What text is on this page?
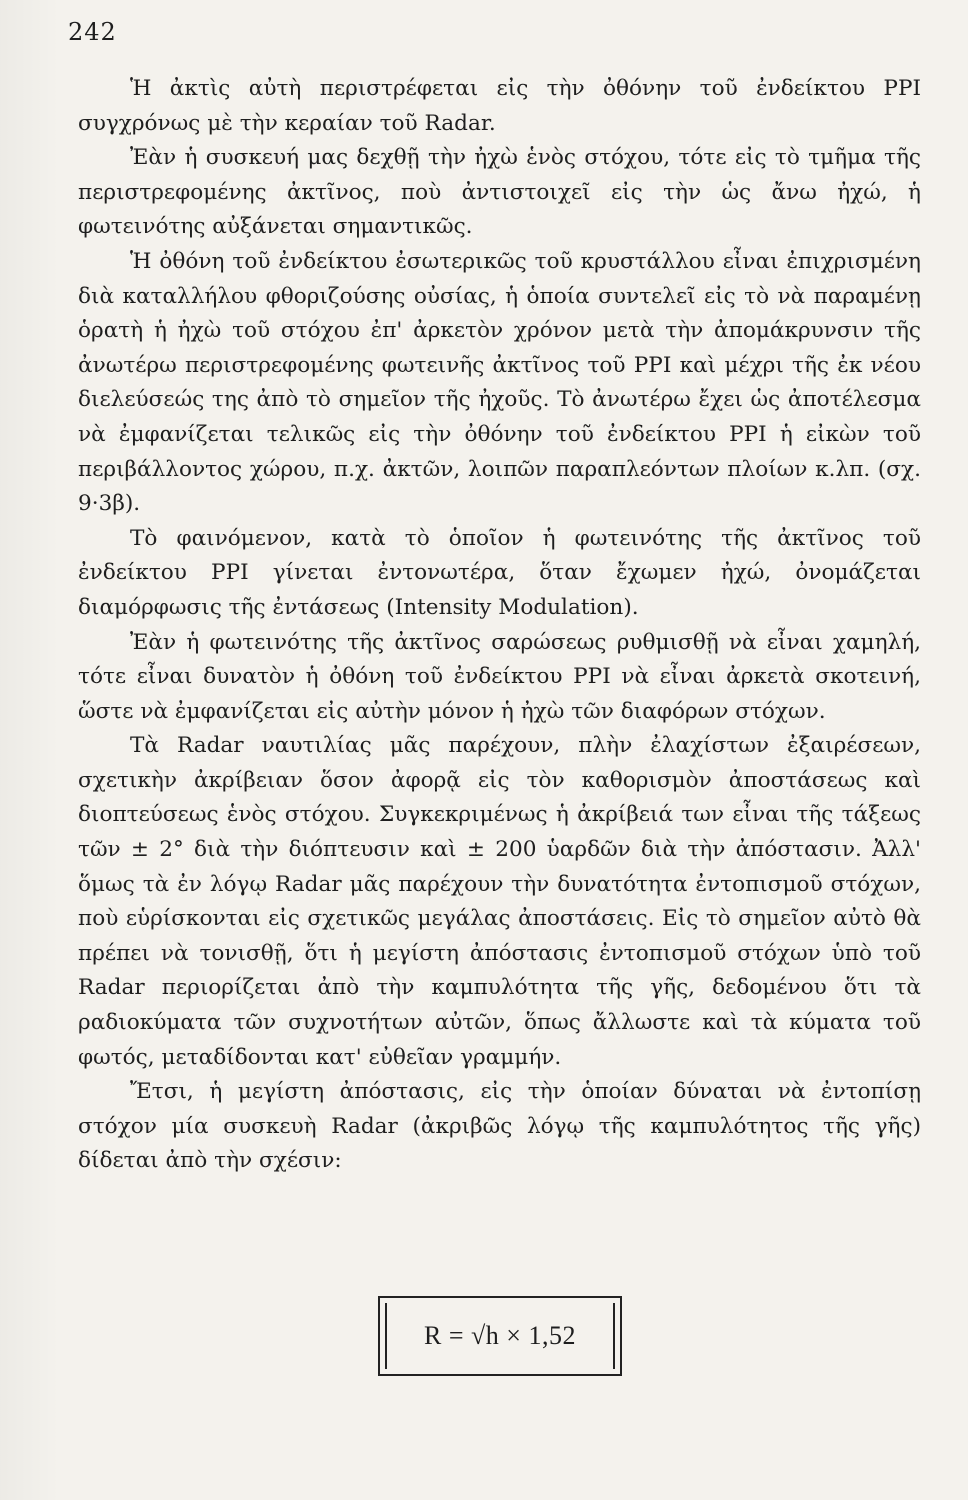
242

Ἡ ἀκτὶς αὐτὴ περιστρέφεται εἰς τὴν ὀθόνην τοῦ ἐνδείκτου PPI συγχρόνως μὲ τὴν κεραίαν τοῦ Radar.

Ἐὰν ἡ συσκευή μας δεχθῇ τὴν ἠχὼ ἑνὸς στόχου, τότε εἰς τὸ τμῆμα τῆς περιστρεφομένης ἀκτῖνος, ποὺ ἀντιστοιχεῖ εἰς τὴν ὡς ἄνω ἠχώ, ἡ φωτεινότης αὐξάνεται σημαντικῶς.

Ἡ ὀθόνη τοῦ ἐνδείκτου ἐσωτερικῶς τοῦ κρυστάλλου εἶναι ἐπιχρισμένη διὰ καταλλήλου φθοριζούσης οὐσίας, ἡ ὁποία συντελεῖ εἰς τὸ νὰ παραμένῃ ὁρατὴ ἡ ἠχὼ τοῦ στόχου ἐπ' ἀρκετὸν χρόνον μετὰ τὴν ἀπομάκρυνσιν τῆς ἀνωτέρω περιστρεφομένης φωτεινῆς ἀκτῖνος τοῦ PPI καὶ μέχρι τῆς ἐκ νέου διελεύσεώς της ἀπὸ τὸ σημεῖον τῆς ἠχοῦς. Τὸ ἀνωτέρω ἔχει ὡς ἀποτέλεσμα νὰ ἐμφανίζεται τελικῶς εἰς τὴν ὀθόνην τοῦ ἐνδείκτου PPI ἡ εἰκὼν τοῦ περιβάλλοντος χώρου, π.χ. ἀκτῶν, λοιπῶν παραπλεόντων πλοίων κ.λπ. (σχ. 9·3β).

Τὸ φαινόμενον, κατὰ τὸ ὁποῖον ἡ φωτεινότης τῆς ἀκτῖνος τοῦ ἐνδείκτου PPI γίνεται ἐντονωτέρα, ὅταν ἔχωμεν ἠχώ, ὀνομάζεται διαμόρφωσις τῆς ἐντάσεως (Intensity Modulation).

Ἐὰν ἡ φωτεινότης τῆς ἀκτῖνος σαρώσεως ρυθμισθῇ νὰ εἶναι χαμηλή, τότε εἶναι δυνατὸν ἡ ὀθόνη τοῦ ἐνδείκτου PPI νὰ εἶναι ἀρκετὰ σκοτεινή, ὥστε νὰ ἐμφανίζεται εἰς αὐτὴν μόνον ἡ ἠχὼ τῶν διαφόρων στόχων.

Τὰ Radar ναυτιλίας μᾶς παρέχουν, πλὴν ἐλαχίστων ἐξαιρέσεων, σχετικὴν ἀκρίβειαν ὅσον ἀφορᾷ εἰς τὸν καθορισμὸν ἀποστάσεως καὶ διοπτεύσεως ἑνὸς στόχου. Συγκεκριμένως ἡ ἀκρίβειά των εἶναι τῆς τάξεως τῶν ± 2° διὰ τὴν διόπτευσιν καὶ ± 200 ὑαρδῶν διὰ τὴν ἀπόστασιν. Ἀλλ' ὅμως τὰ ἐν λόγῳ Radar μᾶς παρέχουν τὴν δυνατότητα ἐντοπισμοῦ στόχων, ποὺ εὑρίσκονται εἰς σχετικῶς μεγάλας ἀποστάσεις. Εἰς τὸ σημεῖον αὐτὸ θὰ πρέπει νὰ τονισθῇ, ὅτι ἡ μεγίστη ἀπόστασις ἐντοπισμοῦ στόχων ὑπὸ τοῦ Radar περιορίζεται ἀπὸ τὴν καμπυλότητα τῆς γῆς, δεδομένου ὅτι τὰ ραδιοκύματα τῶν συχνοτήτων αὐτῶν, ὅπως ἄλλωστε καὶ τὰ κύματα τοῦ φωτός, μεταδίδονται κατ' εὐθεῖαν γραμμήν.

Ἔτσι, ἡ μεγίστη ἀπόστασις, εἰς τὴν ὁποίαν δύναται νὰ ἐντοπίσῃ στόχον μία συσκευὴ Radar (ἀκριβῶς λόγῳ τῆς καμπυλότητος τῆς γῆς) δίδεται ἀπὸ τὴν σχέσιν:

R = √h × 1,52
